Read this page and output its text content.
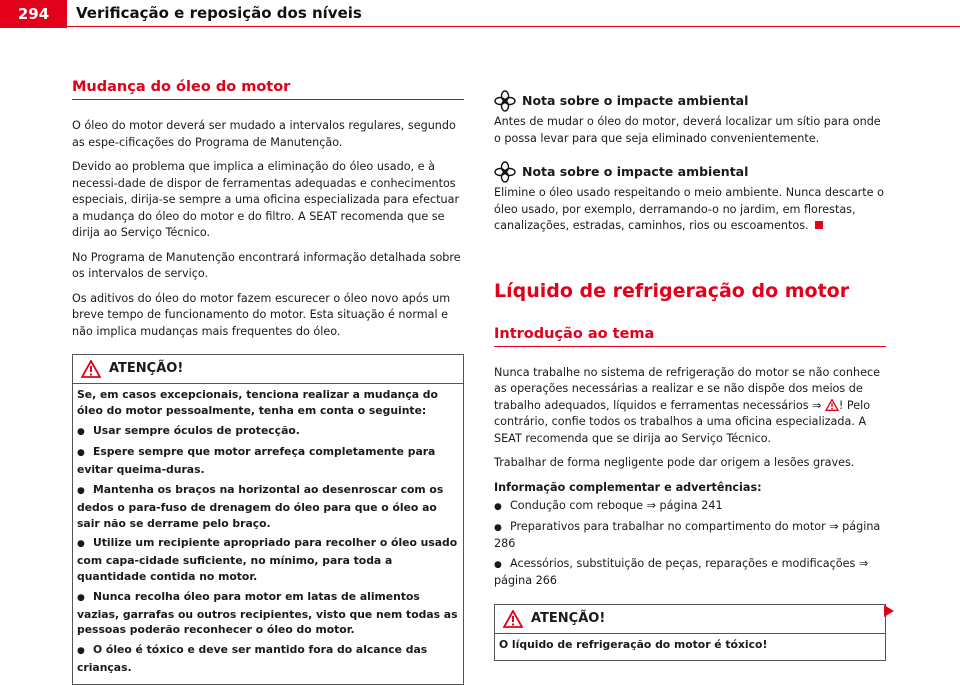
294	Verificação e reposição dos níveis
Mudança do óleo do motor

O óleo do motor deverá ser mudado a intervalos regulares, segundo as espe-cificações do Programa de Manutenção.

Devido ao problema que implica a eliminação do óleo usado, e à necessi-dade de dispor de ferramentas adequadas e conhecimentos especiais, dirija-se sempre a uma oficina especializada para efectuar a mudança do óleo do motor e do filtro. A SEAT recomenda que se dirija ao Serviço Técnico.

No Programa de Manutenção encontrará informação detalhada sobre os intervalos de serviço.

Os aditivos do óleo do motor fazem escurecer o óleo novo após um breve tempo de funcionamento do motor. Esta situação é normal e não implica mudanças mais frequentes do óleo.

ATENÇÃO!

Se, em casos excepcionais, tenciona realizar a mudança do óleo do motor pessoalmente, tenha em conta o seguinte:

● Usar sempre óculos de protecção.

● Espere sempre que motor arrefeça completamente para evitar queima-duras.

● Mantenha os braços na horizontal ao desenroscar com os dedos o para-fuso de drenagem do óleo para que o óleo ao sair não se derrame pelo braço.

● Utilize um recipiente apropriado para recolher o óleo usado com capa-cidade suficiente, no mínimo, para toda a quantidade contida no motor.

● Nunca recolha óleo para motor em latas de alimentos vazias, garrafas ou outros recipientes, visto que nem todas as pessoas poderão reconhecer o óleo do motor.

● O óleo é tóxico e deve ser mantido fora do alcance das crianças.

Nota sobre o impacte ambiental

Antes de mudar o óleo do motor, deverá localizar um sítio para onde o possa levar para que seja eliminado convenientemente.

Nota sobre o impacte ambiental

Elimine o óleo usado respeitando o meio ambiente. Nunca descarte o óleo usado, por exemplo, derramando-o no jardim, em florestas, canalizações, estradas, caminhos, rios ou escoamentos.

Líquido de refrigeração do motor
Introdução ao tema

Nunca trabalhe no sistema de refrigeração do motor se não conhece as operações necessárias a realizar e se não dispõe dos meios de trabalho adequados, líquidos e ferramentas necessários ⇒ ! Pelo contrário, confie todos os trabalhos a uma oficina especializada. A SEAT recomenda que se dirija ao Serviço Técnico.

Trabalhar de forma negligente pode dar origem a lesões graves.

Informação complementar e advertências:

● Condução com reboque ⇒ página 241

● Preparativos para trabalhar no compartimento do motor ⇒ página 286

● Acessórios, substituição de peças, reparações e modificações ⇒ página 266

ATENÇÃO!

O líquido de refrigeração do motor é tóxico!
